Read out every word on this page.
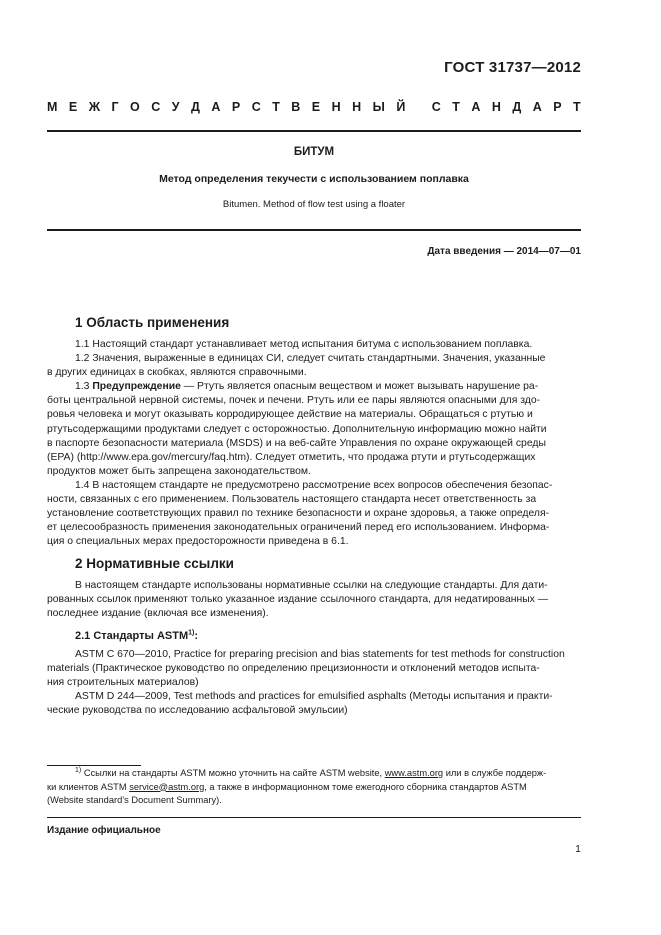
ГОСТ 31737—2012
М Е Ж Г О С У Д А Р С Т В Е Н Н Ы Й
С Т А Н Д А Р Т
БИТУМ
Метод определения текучести с использованием поплавка
Bitumen. Method of flow test using a floater
Дата введения — 2014—07—01
1 Область применения
1.1 Настоящий стандарт устанавливает метод испытания битума с использованием поплавка.
1.2 Значения, выраженные в единицах СИ, следует считать стандартными. Значения, указанные
в других единицах в скобках, являются справочными.
1.3 Предупреждение — Ртуть является опасным веществом и может вызывать нарушение ра-
боты центральной нервной системы, почек и печени. Ртуть или ее пары являются опасными для здо-
ровья человека и могут оказывать корродирующее действие на материалы. Обращаться с ртутью и
ртутьсодержащими продуктами следует с осторожностью. Дополнительную информацию можно найти
в паспорте безопасности материала (MSDS) и на веб-сайте Управления по охране окружающей среды
(EPA) (http://www.epa.gov/mercury/faq.htm). Следует отметить, что продажа ртути и ртутьсодержащих
продуктов может быть запрещена законодательством.
1.4 В настоящем стандарте не предусмотрено рассмотрение всех вопросов обеспечения безопас-
ности, связанных с его применением. Пользователь настоящего стандарта несет ответственность за
установление соответствующих правил по технике безопасности и охране здоровья, а также определя-
ет целесообразность применения законодательных ограничений перед его использованием. Информа-
ция о специальных мерах предосторожности приведена в 6.1.
2 Нормативные ссылки
В настоящем стандарте использованы нормативные ссылки на следующие стандарты. Для дати-
рованных ссылок применяют только указанное издание ссылочного стандарта, для недатированных —
последнее издание (включая все изменения).
2.1 Стандарты ASTM$^{1)}$:
ASTM C 670—2010, Practice for preparing precision and bias statements for test methods for construction
materials (Практическое руководство по определению прецизионности и отклонений методов испыта-
ния строительных материалов)
ASTM D 244—2009, Test methods and practices for emulsified asphalts (Методы испытания и практи-
ческие руководства по исследованию асфальтовой эмульсии)
$^{1)}$ Ссылки на стандарты ASTM можно уточнить на сайте ASTM website, www.astm.org или в службе поддерж-
ки клиентов ASTM service@astm.org, а также в информационном томе ежегодного сборника стандартов ASTM
(Website standard’s Document Summary).
Издание официальное
1
